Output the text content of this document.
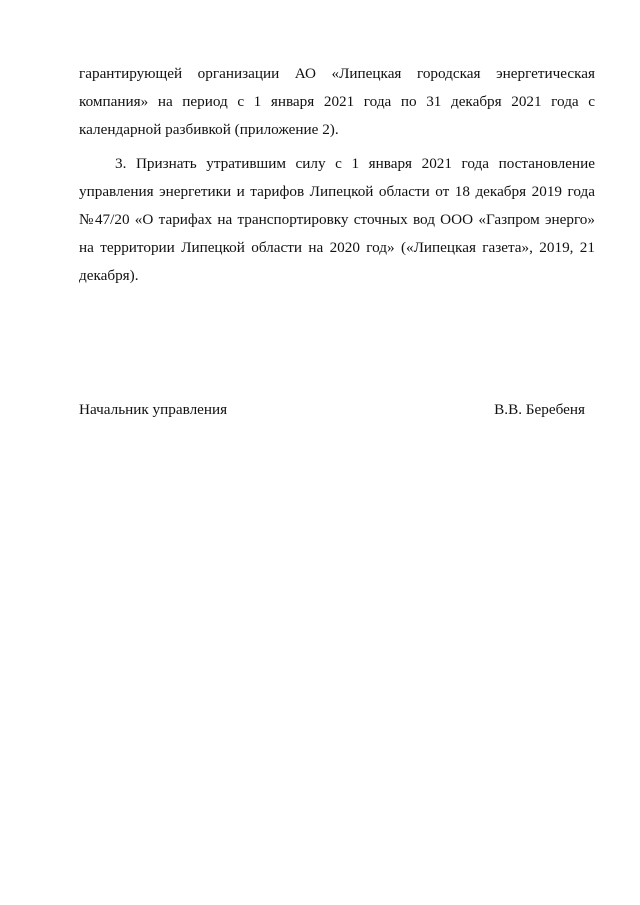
гарантирующей организации АО «Липецкая городская энергетическая компания» на период с 1 января 2021 года по 31 декабря 2021 года с календарной разбивкой (приложение 2).

3. Признать утратившим силу с 1 января 2021 года постановление управления энергетики и тарифов Липецкой области от 18 декабря 2019 года №47/20 «О тарифах на транспортировку сточных вод ООО «Газпром энерго» на территории Липецкой области на 2020 год» («Липецкая газета», 2019, 21 декабря).

Начальник управления	В.В. Беребеня
